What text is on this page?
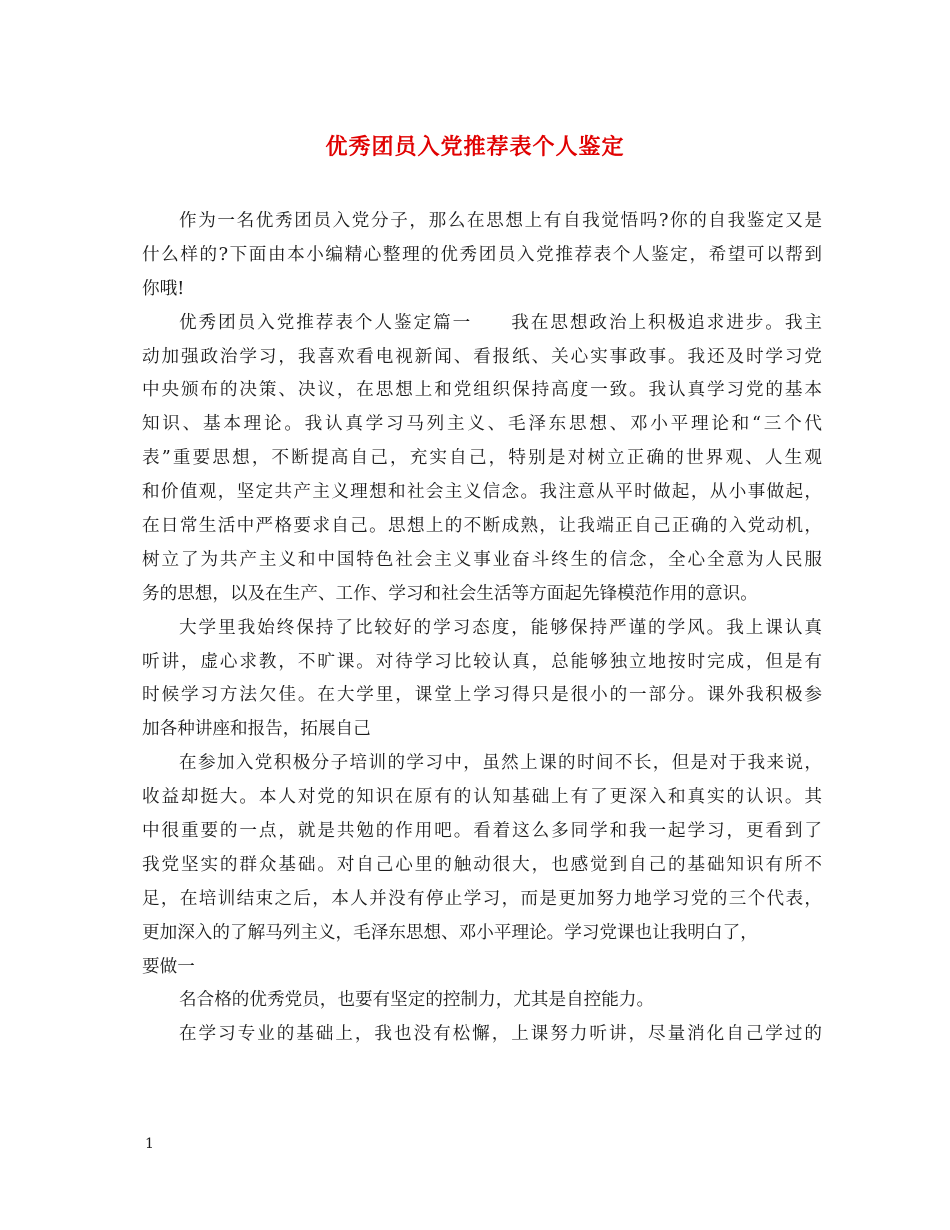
优秀团员入党推荐表个人鉴定
作为一名优秀团员入党分子，那么在思想上有自我觉悟吗?你的自我鉴定又是
什么样的?下面由本小编精心整理的优秀团员入党推荐表个人鉴定，希望可以帮到
你哦!
优秀团员入党推荐表个人鉴定篇一　　我在思想政治上积极追求进步。我主
动加强政治学习，我喜欢看电视新闻、看报纸、关心实事政事。我还及时学习党
中央颁布的决策、决议，在思想上和党组织保持高度一致。我认真学习党的基本
知识、基本理论。我认真学习马列主义、毛泽东思想、邓小平理论和“三个代
表”重要思想，不断提高自己，充实自己，特别是对树立正确的世界观、人生观
和价值观，坚定共产主义理想和社会主义信念。我注意从平时做起，从小事做起，
在日常生活中严格要求自己。思想上的不断成熟，让我端正自己正确的入党动机，
树立了为共产主义和中国特色社会主义事业奋斗终生的信念，全心全意为人民服
务的思想，以及在生产、工作、学习和社会生活等方面起先锋模范作用的意识。
大学里我始终保持了比较好的学习态度，能够保持严谨的学风。我上课认真
听讲，虚心求教，不旷课。对待学习比较认真，总能够独立地按时完成，但是有
时候学习方法欠佳。在大学里，课堂上学习得只是很小的一部分。课外我积极参
加各种讲座和报告，拓展自己
在参加入党积极分子培训的学习中，虽然上课的时间不长，但是对于我来说，
收益却挺大。本人对党的知识在原有的认知基础上有了更深入和真实的认识。其
中很重要的一点，就是共勉的作用吧。看着这么多同学和我一起学习，更看到了
我党坚实的群众基础。对自己心里的触动很大，也感觉到自己的基础知识有所不
足，在培训结束之后，本人并没有停止学习，而是更加努力地学习党的三个代表，
更加深入的了解马列主义，毛泽东思想、邓小平理论。学习党课也让我明白了，
要做一
名合格的优秀党员，也要有坚定的控制力，尤其是自控能力。
在学习专业的基础上，我也没有松懈，上课努力听讲，尽量消化自己学过的
1
